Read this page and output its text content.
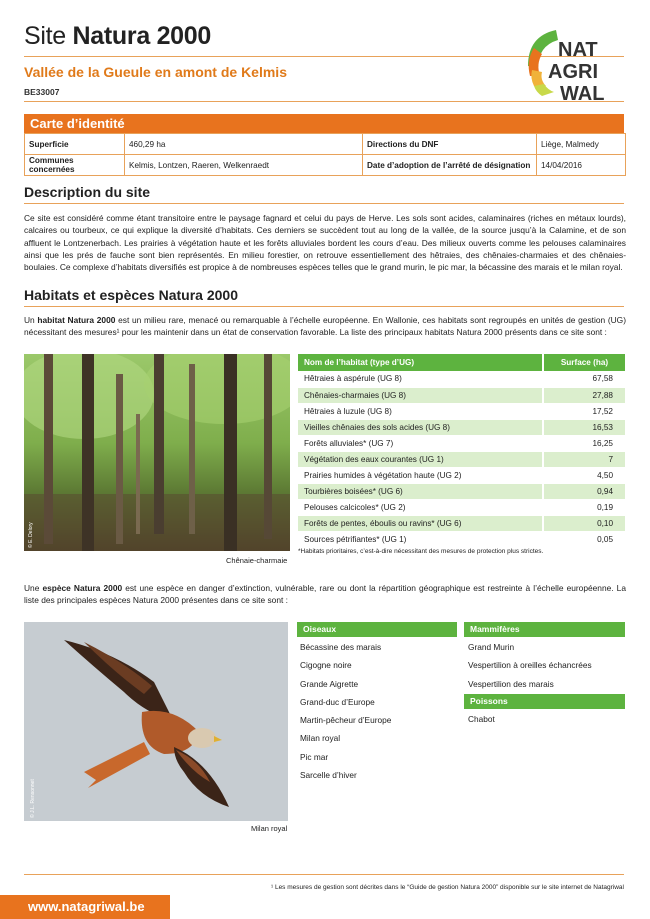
Site Natura 2000
Vallée de la Gueule en amont de Kelmis
BE33007
NAT
AGRI
WAL
Carte d’identité
Superficie	460,29 ha	Directions du DNF	Liège, Malmedy
Communes concernées	Kelmis, Lontzen, Raeren, Welkenraedt	Date d’adoption de l’arrêté de désignation	14/04/2016
Description du site
Ce site est considéré comme étant transitoire entre le paysage fagnard et celui du pays de Herve. Les sols sont acides, calaminaires (riches en métaux lourds), calcaires ou tourbeux, ce qui explique la diversité d’habitats. Ces derniers se succèdent tout au long de la vallée, de la source jusqu’à la Calamine, et de son affluent le Lontzenerbach. Les prairies à végétation haute et les forêts alluviales bordent les cours d’eau. Des milieux ouverts comme les pelouses calaminaires ainsi que les prés de fauche sont bien représentés. En milieu forestier, on retrouve essentiellement des hêtraies, des chênaies-charmaies et des chênaies-boulaies. Ce complexe d’habitats diversifiés est propice à de nombreuses espèces telles que le grand murin, le pic mar, la bécassine des marais et le milan royal.
Habitats et espèces Natura 2000
Un habitat Natura 2000 est un milieu rare, menacé ou remarquable à l’échelle européenne. En Wallonie, ces habitats sont regroupés en unités de gestion (UG) nécessitant des mesures¹ pour les maintenir dans un état de conservation favorable. La liste des principaux habitats Natura 2000 présents dans ce site sont :
© E. Delory
Chênaie-charmaie
Nom de l’habitat (type d’UG)	Surface (ha)
Hêtraies à aspérule (UG 8)	67,58
Chênaies-charmaies (UG 8)	27,88
Hêtraies à luzule (UG 8)	17,52
Vieilles chênaies des sols acides (UG 8)	16,53
Forêts alluviales* (UG 7)	16,25
Végétation des eaux courantes (UG 1)	7
Prairies humides à végétation haute (UG 2)	4,50
Tourbières boisées* (UG 6)	0,94
Pelouses calcicoles* (UG 2)	0,19
Forêts de pentes, éboulis ou ravins* (UG 6)	0,10
Sources pétrifiantes* (UG 1)	0,05
*Habitats prioritaires, c’est-à-dire nécessitant des mesures de protection plus strictes.
Une espèce Natura 2000 est une espèce en danger d’extinction, vulnérable, rare ou dont la répartition géographique est restreinte à l’échelle européenne. La liste des principales espèces Natura 2000 présentes dans ce site sont :
© J.L. Rensonnet
Milan royal
Oiseaux
Bécassine des marais
Cigogne noire
Grande Aigrette
Grand-duc d’Europe
Martin-pêcheur d’Europe
Milan royal
Pic mar
Sarcelle d’hiver
Mammifères
Grand Murin
Vespertilion à oreilles échancrées
Vespertilion des marais
Poissons
Chabot
¹ Les mesures de gestion sont décrites dans le “Guide de gestion Natura 2000” disponible sur le site internet de Natagriwal
www.natagriwal.be
